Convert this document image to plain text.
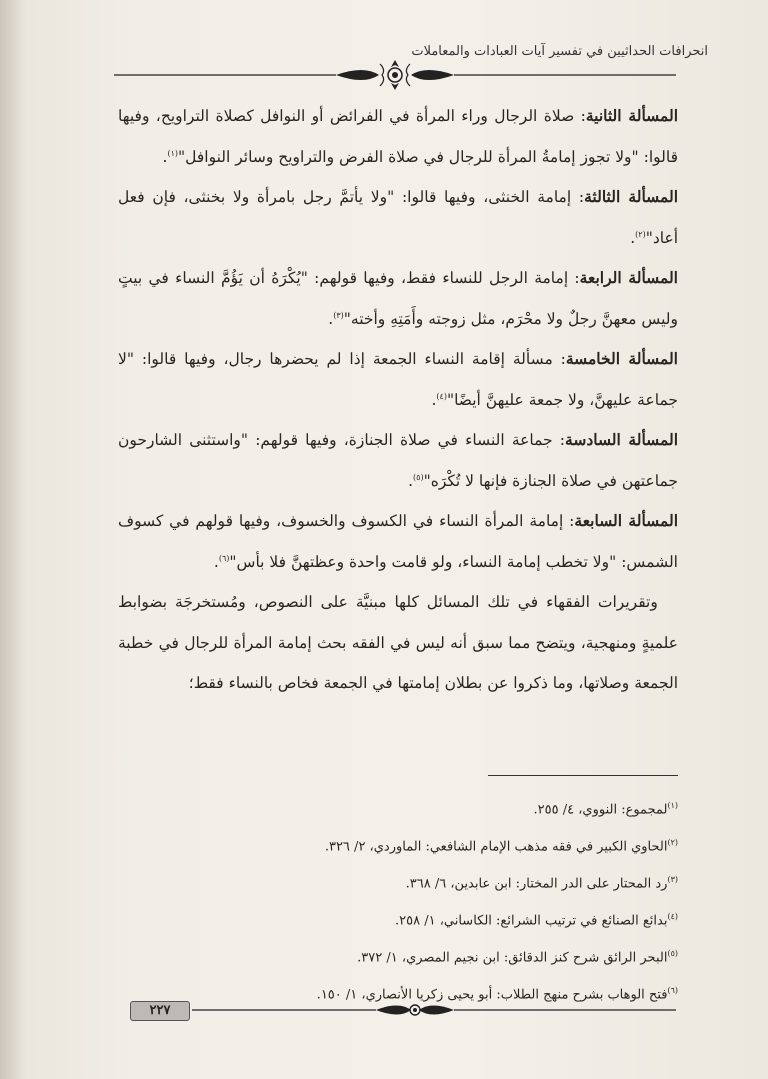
انحرافات الحداثيين في تفسير آيات العبادات والمعاملات

المسألة الثانية: صلاة الرجال وراء المرأة في الفرائض أو النوافل كصلاة التراويح، وفيها قالوا: "ولا تجوز إمامةُ المرأة للرجال في صلاة الفرض والتراويح وسائر النوافل"$^{(١)}$.

المسألة الثالثة: إمامة الخنثى، وفيها قالوا: "ولا يأتمَّ رجل بامرأة ولا بخنثى، فإن فعل أعاد"$^{(٢)}$.

المسألة الرابعة: إمامة الرجل للنساء فقط، وفيها قولهم: "يُكْرَهُ أن يَؤُمَّ النساء في بيتٍ وليس معهنَّ رجلٌ ولا محْرَم، مثل زوجته وأَمَتِهِ وأخته"$^{(٣)}$.

المسألة الخامسة: مسألة إقامة النساء الجمعة إذا لم يحضرها رجال، وفيها قالوا: "لا جماعة عليهنَّ، ولا جمعة عليهنَّ أيضًا"$^{(٤)}$.

المسألة السادسة: جماعة النساء في صلاة الجنازة، وفيها قولهم: "واستثنى الشارحون جماعتهن في صلاة الجنازة فإنها لا تُكْرَه"$^{(٥)}$.

المسألة السابعة: إمامة المرأة النساء في الكسوف والخسوف، وفيها قولهم في كسوف الشمس: "ولا تخطب إمامة النساء، ولو قامت واحدة وعظتهنَّ فلا بأس"$^{(٦)}$.

وتقريرات الفقهاء في تلك المسائل كلها مبنيَّة على النصوص، ومُستخرجَة بضوابط علميةٍ ومنهجية، ويتضح مما سبق أنه ليس في الفقه بحث إمامة المرأة للرجال في خطبة الجمعة وصلاتها، وما ذكروا عن بطلان إمامتها في الجمعة فخاص بالنساء فقط؛

$^{(١)}$لمجموع: النووي، ٤/ ٢٥٥.

$^{(٢)}$الحاوي الكبير في فقه مذهب الإمام الشافعي: الماوردي، ٢/ ٣٢٦.

$^{(٣)}$رد المحتار على الدر المختار: ابن عابدين، ٦/ ٣٦٨.

$^{(٤)}$بدائع الصنائع في ترتيب الشرائع: الكاساني، ١/ ٢٥٨.

$^{(٥)}$البحر الرائق شرح كنز الدقائق: ابن نجيم المصري، ١/ ٣٧٢.

$^{(٦)}$فتح الوهاب بشرح منهج الطلاب: أبو يحيى زكريا الأنصاري، ١/ ١٥٠.

٢٢٧
